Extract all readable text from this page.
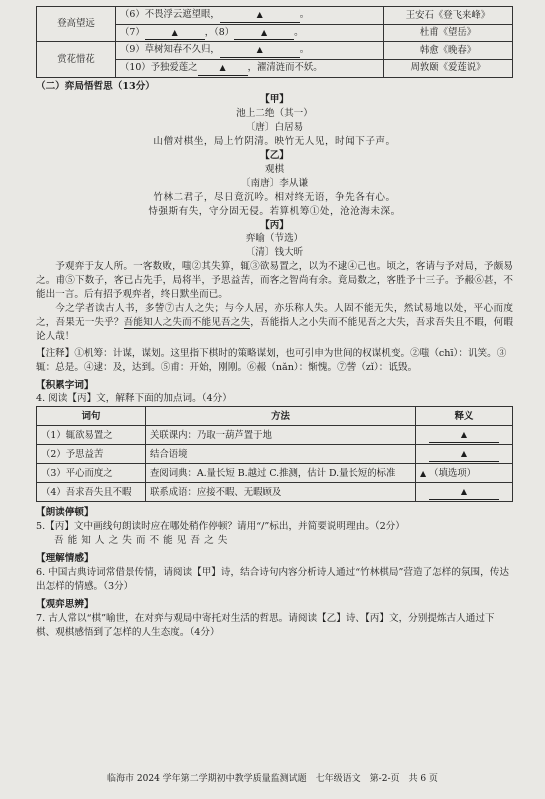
登高望远	（6）不畏浮云遮望眼， ▲ 。	王安石《登飞来峰》
	（7） ▲ ，（8） ▲ 。	杜甫《望岳》
赏花惜花	（9）草树知春不久归， ▲ 。	韩愈《晚春》
	（10）予独爱莲之 ▲ ，濯清涟而不妖。	周敦颐《爱莲说》
（二）弈局悟哲思（13分）
【甲】
池上二绝（其一）
〔唐〕白居易
山僧对棋坐，局上竹阴清。映竹无人见，时闻下子声。
【乙】
观棋
〔南唐〕李从谦
竹林二君子，尽日竟沉吟。相对终无语，争先各有心。
恃强斯有失，守分固无侵。若算机筹①处，沧沧海未深。
【丙】
弈喻（节选）
〔清〕钱大昕

予观弈于友人所。一客数败，嗤②其失算，辄③欲易置之，以为不逮④己也。顷之，客请与予对局，予颇易之。甫⑤下数子，客已占先手，局将半，予思益苦，而客之智尚有余。竟局数之，客胜予十三子。予赧⑥甚，不能出一言。后有招予观弈者，终日默坐而已。

今之学者读古人书，多訾⑦古人之失；与今人居，亦乐称人失。人固不能无失，然试易地以处，平心而度之，吾果无一失乎？吾能知人之失而不能见吾之失，吾能指人之小失而不能见吾之大失，吾求吾失且不暇，何暇论人哉！

【注释】①机筹：计谋，谋划。这里指下棋时的策略谋划，也可引申为世间的权谋机变。②嗤（chī）：讥笑。③辄：总是。④逮：及，达到。⑤甫：开始，刚刚。⑥赧（nǎn）：惭愧。⑦訾（zǐ）：诋毁。
【积累字词】
4. 阅读【丙】文，解释下面的加点词。（4分）
词句	方法	释义
（1）辄欲易置之	关联课内：乃取一葫芦置于地	▲
（2）予思益苦	结合语境	▲
（3）平心而度之	查阅词典：A.量长短 B.越过 C.推测，估计 D.量长短的标准	▲ （填选项）
（4）吾求吾失且不暇	联系成语：应接不暇、无暇顾及	▲
【朗读停顿】
5.【丙】文中画线句朗读时应在哪处稍作停顿？请用“/”标出，并简要说明理由。（2分）
吾 能 知 人 之 失 而 不 能 见 吾 之 失
【理解情感】
6. 中国古典诗词常借景传情，请阅读【甲】诗，结合诗句内容分析诗人通过“竹林棋局”营造了怎样的氛围，传达出怎样的情感。（3分）
【观弈思辨】
7. 古人常以“棋”喻世，在对弈与观局中寄托对生活的哲思。请阅读【乙】诗、【丙】文，分别提炼古人通过下棋、观棋感悟到了怎样的人生态度。（4分）
临海市 2024 学年第二学期初中教学质量监测试题　七年级语文　第-2-页　共 6 页
